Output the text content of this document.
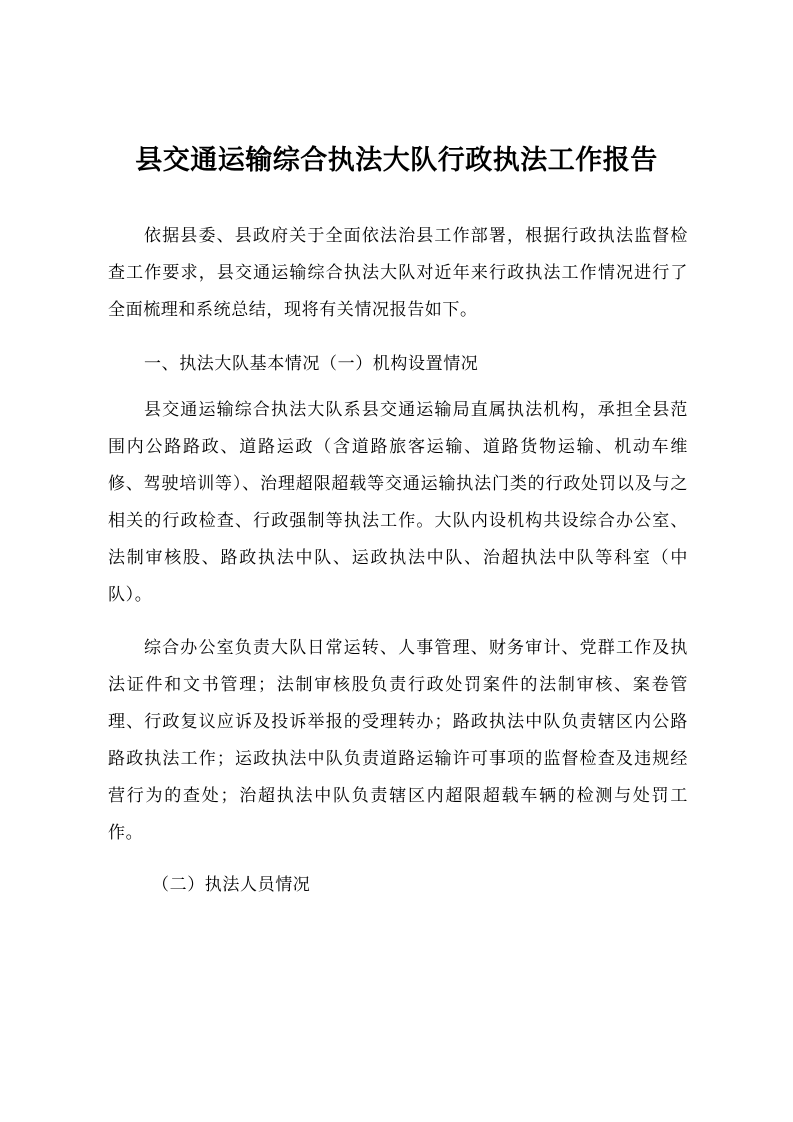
县交通运输综合执法大队行政执法工作报告

依据县委、县政府关于全面依法治县工作部署，根据行政执法监督检查工作要求，县交通运输综合执法大队对近年来行政执法工作情况进行了全面梳理和系统总结，现将有关情况报告如下。

一、执法大队基本情况（一）机构设置情况

县交通运输综合执法大队系县交通运输局直属执法机构，承担全县范围内公路路政、道路运政（含道路旅客运输、道路货物运输、机动车维修、驾驶培训等）、治理超限超载等交通运输执法门类的行政处罚以及与之相关的行政检查、行政强制等执法工作。大队内设机构共设综合办公室、法制审核股、路政执法中队、运政执法中队、治超执法中队等科室（中队）。

综合办公室负责大队日常运转、人事管理、财务审计、党群工作及执法证件和文书管理；法制审核股负责行政处罚案件的法制审核、案卷管理、行政复议应诉及投诉举报的受理转办；路政执法中队负责辖区内公路路政执法工作；运政执法中队负责道路运输许可事项的监督检查及违规经营行为的查处；治超执法中队负责辖区内超限超载车辆的检测与处罚工作。

（二）执法人员情况
